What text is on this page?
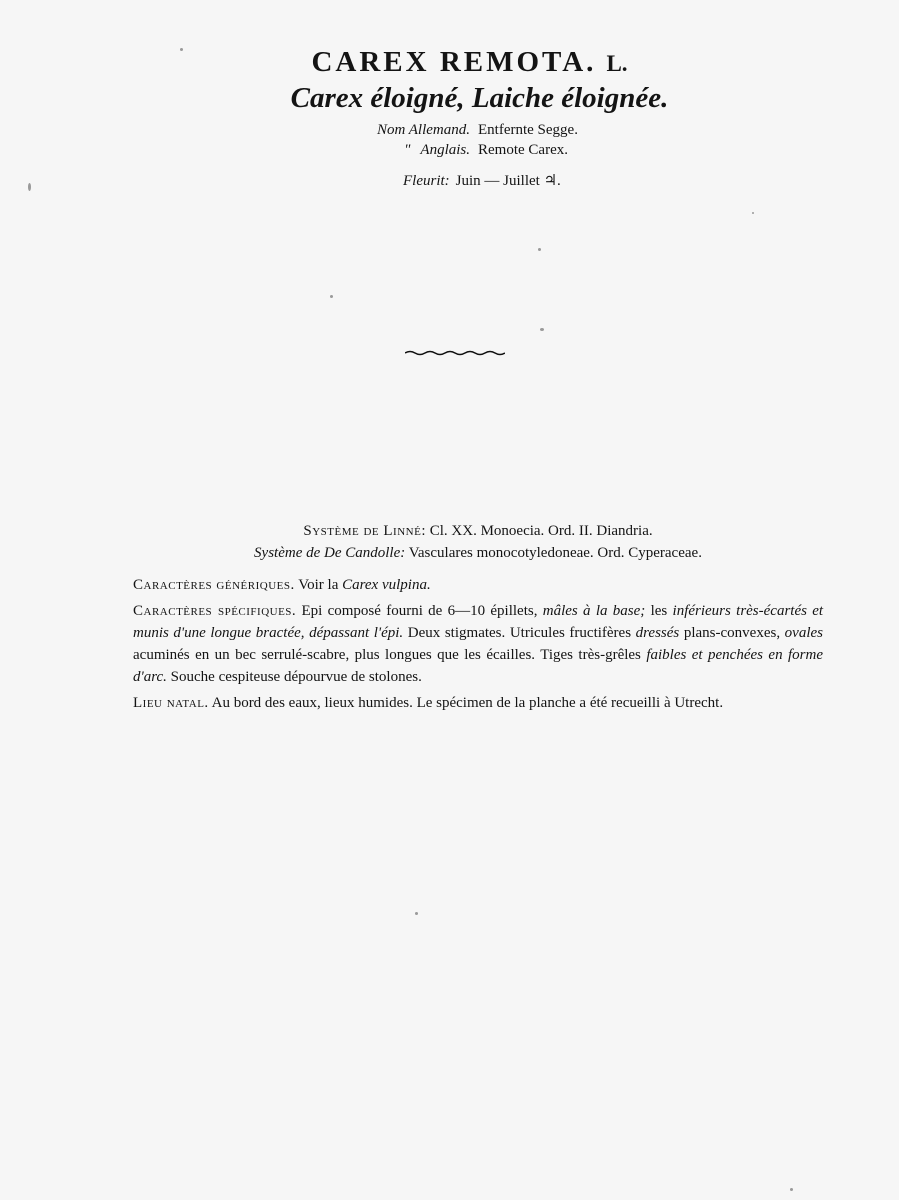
CAREX REMOTA. L.
Carex éloigné, Laiche éloignée.
Nom Allemand. Entfernte Segge.
" Anglais. Remote Carex.
Fleurit: Juin — Juillet ♃.
Système de Linné: Cl. XX. Monoecia. Ord. II. Diandria.
Système de De Candolle: Vasculares monocotyledoneae. Ord. Cyperaceae.
Caractères génériques. Voir la Carex vulpina.
Caractères spécifiques. Epi composé fourni de 6—10 épillets, mâles à la base; les inférieurs très-écartés et munis d'une longue bractée, dépassant l'épi. Deux stigmates. Utricules fructifères dressés plans-convexes, ovales acuminés en un bec serrulé-scabre, plus longues que les écailles. Tiges très-grêles faibles et penchées en forme d'arc. Souche cespiteuse dépourvue de stolones.
Lieu natal. Au bord des eaux, lieux humides. Le spécimen de la planche a été recueilli à Utrecht.
